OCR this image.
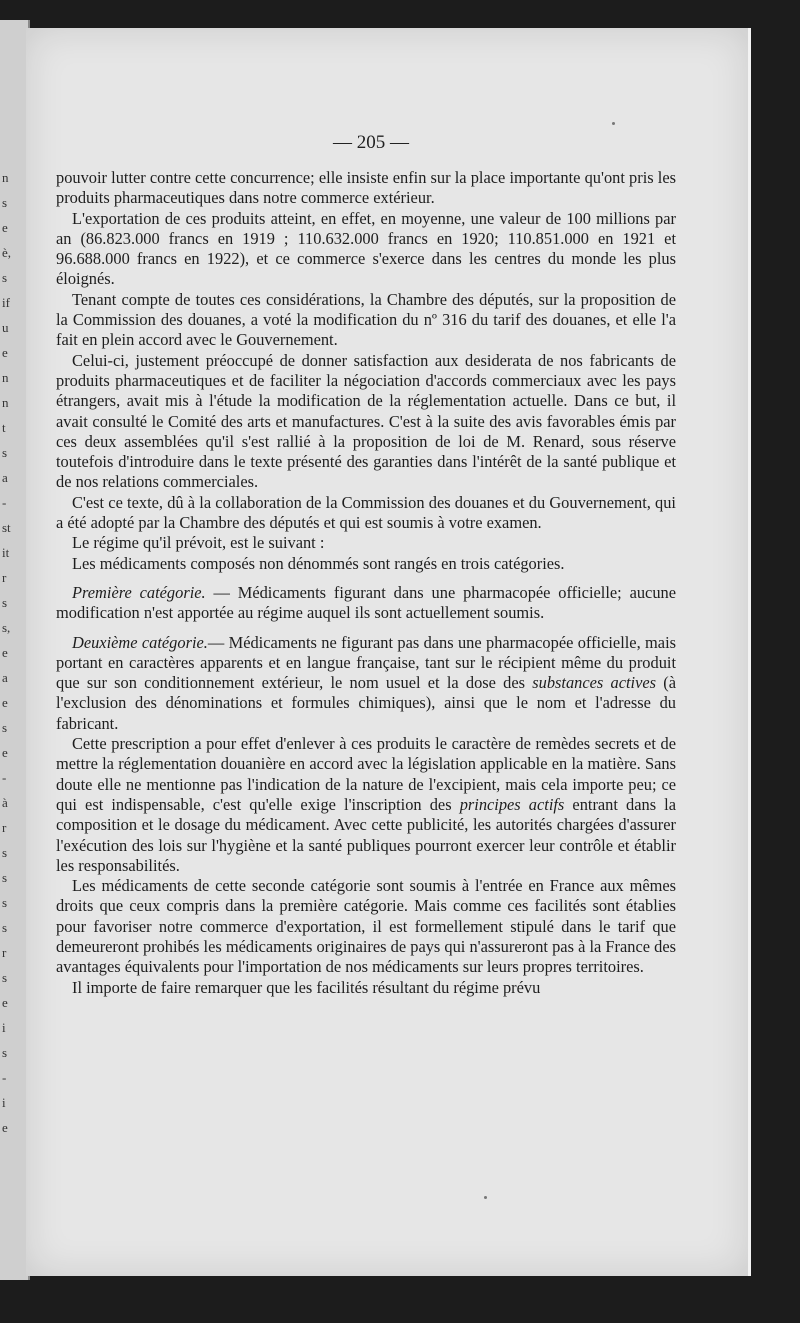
n
s
e
è,
s
if
u
e
n
n
t
s
a
-
st
it
r
s
s,
e
a
e
s
e
-
à
r
s
s
s
s
r
s
e
i
s
-
i
e
— 205 —

pouvoir lutter contre cette concurrence; elle insiste enfin sur la place importante qu'ont pris les produits pharmaceutiques dans notre commerce extérieur.

L'exportation de ces produits atteint, en effet, en moyenne, une valeur de 100 millions par an (86.823.000 francs en 1919 ; 110.632.000 francs en 1920; 110.851.000 en 1921 et 96.688.000 francs en 1922), et ce commerce s'exerce dans les centres du monde les plus éloignés.

Tenant compte de toutes ces considérations, la Chambre des députés, sur la proposition de la Commission des douanes, a voté la modification du nº 316 du tarif des douanes, et elle l'a fait en plein accord avec le Gouvernement.

Celui-ci, justement préoccupé de donner satisfaction aux desiderata de nos fabricants de produits pharmaceutiques et de faciliter la négociation d'accords commerciaux avec les pays étrangers, avait mis à l'étude la modification de la réglementation actuelle. Dans ce but, il avait consulté le Comité des arts et manufactures. C'est à la suite des avis favorables émis par ces deux assemblées qu'il s'est rallié à la proposition de loi de M. Renard, sous réserve toutefois d'introduire dans le texte présenté des garanties dans l'intérêt de la santé publique et de nos relations commerciales.

C'est ce texte, dû à la collaboration de la Commission des douanes et du Gouvernement, qui a été adopté par la Chambre des députés et qui est soumis à votre examen.

Le régime qu'il prévoit, est le suivant :

Les médicaments composés non dénommés sont rangés en trois catégories.

Première catégorie. — Médicaments figurant dans une pharmacopée officielle; aucune modification n'est apportée au régime auquel ils sont actuellement soumis.

Deuxième catégorie.— Médicaments ne figurant pas dans une pharmacopée officielle, mais portant en caractères apparents et en langue française, tant sur le récipient même du produit que sur son conditionnement extérieur, le nom usuel et la dose des substances actives (à l'exclusion des dénominations et formules chimiques), ainsi que le nom et l'adresse du fabricant.

Cette prescription a pour effet d'enlever à ces produits le caractère de remèdes secrets et de mettre la réglementation douanière en accord avec la législation applicable en la matière. Sans doute elle ne mentionne pas l'indication de la nature de l'excipient, mais cela importe peu; ce qui est indispensable, c'est qu'elle exige l'inscription des principes actifs entrant dans la composition et le dosage du médicament. Avec cette publicité, les autorités chargées d'assurer l'exécution des lois sur l'hygiène et la santé publiques pourront exercer leur contrôle et établir les responsabilités.

Les médicaments de cette seconde catégorie sont soumis à l'entrée en France aux mêmes droits que ceux compris dans la première catégorie. Mais comme ces facilités sont établies pour favoriser notre commerce d'exportation, il est formellement stipulé dans le tarif que demeureront prohibés les médicaments originaires de pays qui n'assureront pas à la France des avantages équivalents pour l'importation de nos médicaments sur leurs propres territoires.

Il importe de faire remarquer que les facilités résultant du régime prévu
